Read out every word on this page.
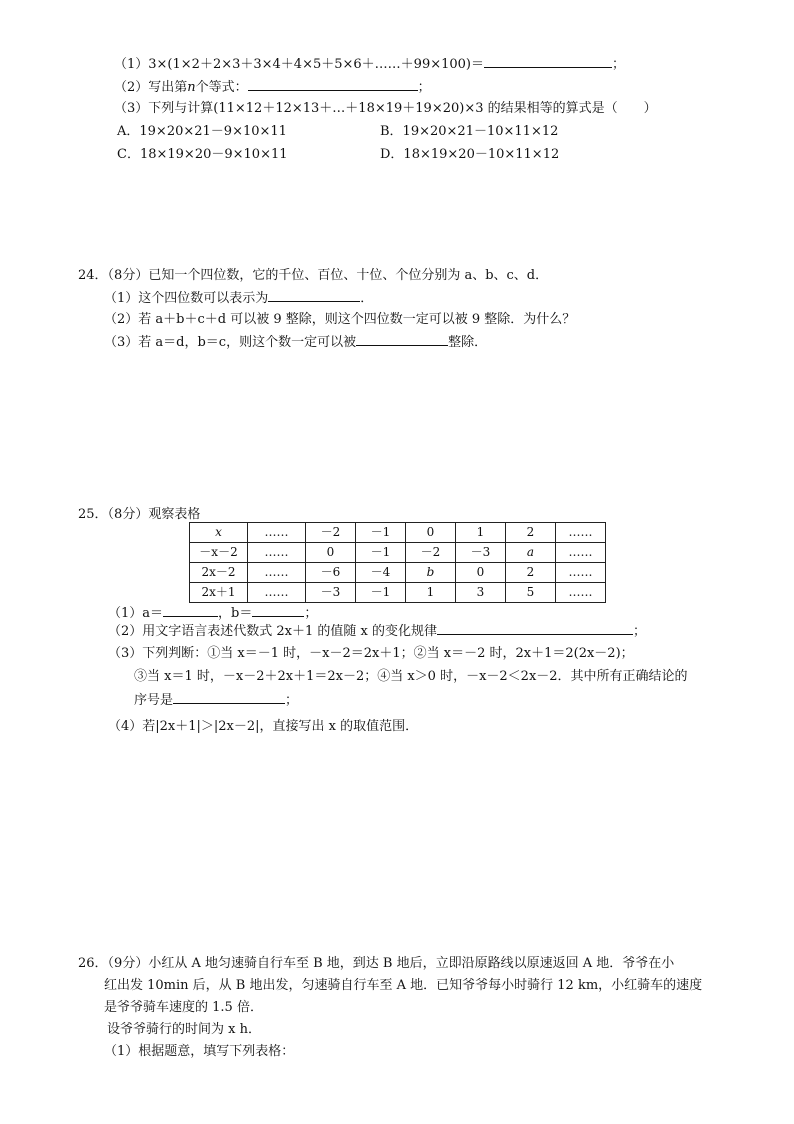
（1）3×(1×2＋2×3＋3×4＋4×5＋5×6＋……＋99×100)＝	；
（2）写出第n个等式：	；
（3）下列与计算(11×12＋12×13＋…＋18×19＋19×20)×3 的结果相等的算式是（　　）
A．19×20×21－9×10×11	B．19×20×21－10×11×12
C．18×19×20－9×10×11	D．18×19×20－10×11×12
24．（8分）已知一个四位数，它的千位、百位、十位、个位分别为 a、b、c、d．
（1）这个四位数可以表示为	．
（2）若 a＋b＋c＋d 可以被 9 整除，则这个四位数一定可以被 9 整除．为什么？
（3）若 a＝d，b＝c，则这个数一定可以被	整除．
25．（8分）观察表格
x	……	－2	－1	0	1	2	……
－x－2	……	0	－1	－2	－3	a	……
2x－2	……	－6	－4	b	0	2	……
2x＋1	……	－3	－1	1	3	5	……
（1）a＝	，b＝	；
（2）用文字语言表述代数式 2x＋1 的值随 x 的变化规律	；
（3）下列判断：①当 x＝－1 时，－x－2＝2x＋1；②当 x＝－2 时，2x＋1＝2(2x－2)；
③当 x＝1 时，－x－2＋2x＋1＝2x－2；④当 x＞0 时，－x－2＜2x－2．其中所有正确结论的
序号是	；
（4）若|2x＋1|＞|2x－2|，直接写出 x 的取值范围．
26．（9分）小红从 A 地匀速骑自行车至 B 地，到达 B 地后，立即沿原路线以原速返回 A 地．爷爷在小
红出发 10min 后，从 B 地出发，匀速骑自行车至 A 地．已知爷爷每小时骑行 12 km，小红骑车的速度
是爷爷骑车速度的 1.5 倍．
设爷爷骑行的时间为 x h．
（1）根据题意，填写下列表格：
